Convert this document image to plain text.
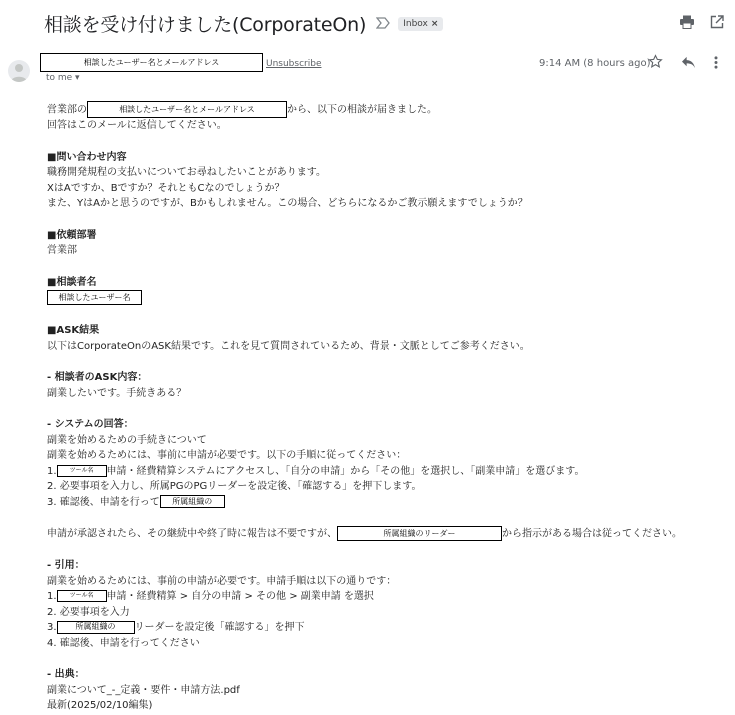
相談を受け付けました(CorporateOn)	Inbox ×
相談したユーザー名とメールアドレス	Unsubscribe
to me ▾
9:14 AM (8 hours ago)
営業部の	相談したユーザー名とメールアドレス	から、以下の相談が届きました。
回答はこのメールに返信してください。
■問い合わせ内容
職務開発規程の支払いについてお尋ねしたいことがあります。
XはAですか、Bですか？それともCなのでしょうか？
また、YはAかと思うのですが、Bかもしれません。この場合、どちらになるかご教示願えますでしょうか？
■依頼部署
営業部
■相談者名
相談したユーザー名
■ASK結果
以下はCorporateOnのASK結果です。これを見て質問されているため、背景・文脈としてご参考ください。
- 相談者のASK内容：
副業したいです。手続きある？
- システムの回答：
副業を始めるための手続きについて
副業を始めるためには、事前に申請が必要です。以下の手順に従ってください：
1. ツール名 申請・経費精算システムにアクセスし、「自分の申請」から「その他」を選択し、「副業申請」を選びます。
2. 必要事項を入力し、所属PGのPGリーダーを設定後、「確認する」を押下します。
3. 確認後、申請を行って 所属組織の
申請が承認されたら、その継続中や終了時に報告は不要ですが、	所属組織のリーダー	から指示がある場合は従ってください。
- 引用：
副業を始めるためには、事前の申請が必要です。申請手順は以下の通りです：
1. ツール名 申請・経費精算 > 自分の申請 > その他 > 副業申請 を選択
2. 必要事項を入力
3. 所属組織の リーダーを設定後「確認する」を押下
4. 確認後、申請を行ってください
- 出典：
副業について_-_定義・要件・申請方法.pdf
最新(2025/02/10編集)
